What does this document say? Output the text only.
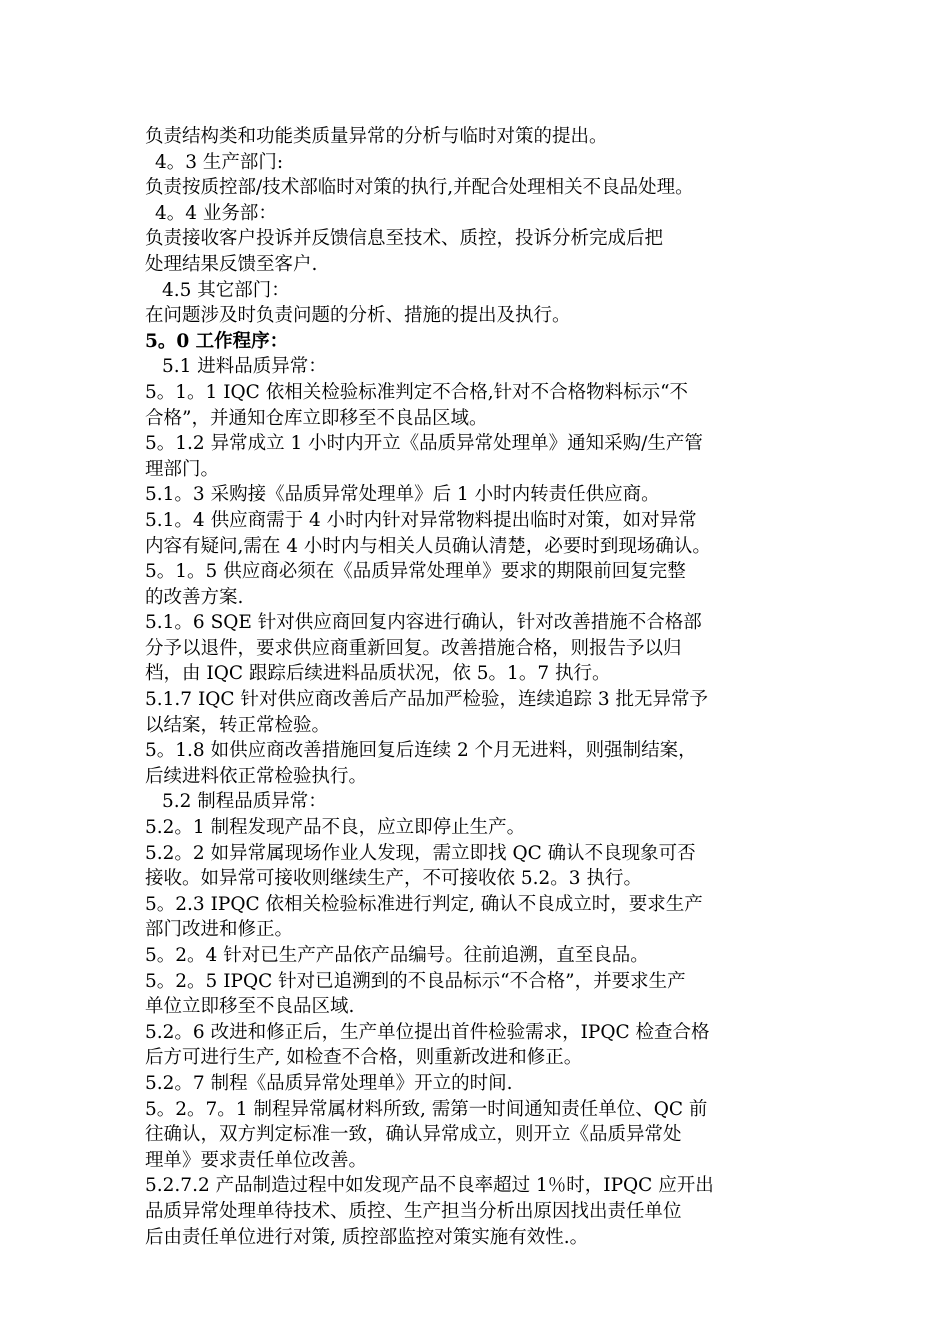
负责结构类和功能类质量异常的分析与临时对策的提出。

4。3 生产部门:

负责按质控部/技术部临时对策的执行,并配合处理相关不良品处理。

4。4 业务部：

负责接收客户投诉并反馈信息至技术、质控，投诉分析完成后把

处理结果反馈至客户.

4.5 其它部门：

在问题涉及时负责问题的分析、措施的提出及执行。

5。0 工作程序：

5.1 进料品质异常：

5。1。1 IQC 依相关检验标准判定不合格,针对不合格物料标示“不

合格”，并通知仓库立即移至不良品区域。

5。1.2 异常成立 1 小时内开立《品质异常处理单》通知采购/生产管

理部门。

5.1。3 采购接《品质异常处理单》后 1 小时内转责任供应商。

5.1。4 供应商需于 4 小时内针对异常物料提出临时对策，如对异常

内容有疑问,需在 4 小时内与相关人员确认清楚，必要时到现场确认。

5。1。5 供应商必须在《品质异常处理单》要求的期限前回复完整

的改善方案.

5.1。6 SQE 针对供应商回复内容进行确认，针对改善措施不合格部

分予以退件，要求供应商重新回复。改善措施合格，则报告予以归

档，由 IQC 跟踪后续进料品质状况，依 5。1。7 执行。

5.1.7 IQC 针对供应商改善后产品加严检验，连续追踪 3 批无异常予

以结案，转正常检验。

5。1.8 如供应商改善措施回复后连续 2 个月无进料，则强制结案，

后续进料依正常检验执行。

5.2 制程品质异常：

5.2。1 制程发现产品不良，应立即停止生产。

5.2。2 如异常属现场作业人发现，需立即找 QC 确认不良现象可否

接收。如异常可接收则继续生产，不可接收依 5.2。3 执行。

5。2.3 IPQC 依相关检验标准进行判定, 确认不良成立时，要求生产

部门改进和修正。

5。2。4 针对已生产产品依产品编号。往前追溯，直至良品。

5。2。5 IPQC 针对已追溯到的不良品标示“不合格”，并要求生产

单位立即移至不良品区域.

5.2。6 改进和修正后，生产单位提出首件检验需求，IPQC 检查合格

后方可进行生产, 如检查不合格，则重新改进和修正。

5.2。7 制程《品质异常处理单》开立的时间.

5。2。7。1 制程异常属材料所致, 需第一时间通知责任单位、QC 前

往确认，双方判定标准一致，确认异常成立，则开立《品质异常处

理单》要求责任单位改善。

5.2.7.2 产品制造过程中如发现产品不良率超过 1％时，IPQC 应开出

品质异常处理单待技术、质控、生产担当分析出原因找出责任单位

后由责任单位进行对策, 质控部监控对策实施有效性.。
